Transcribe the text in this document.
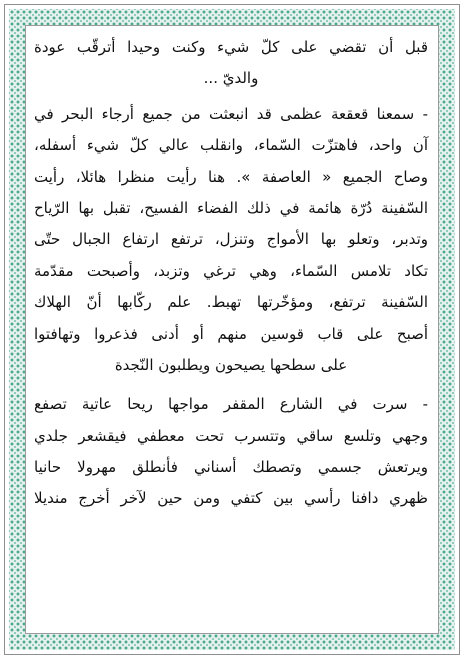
قبل أن تقضي على كلّ شيء وكنت وحيدا أترقّب عودة
والديّ ...
- سمعنا قعقعة عظمى قد انبعثت من جميع أرجاء البحر في
آن واحد، فاهتزّت السّماء، وانقلب عالي كلّ شيء أسفله،
وصاح الجميع « العاصفة ». هنا رأيت منظرا هائلا، رأيت
السّفينة دُرّة هائمة في ذلك الفضاء الفسيح، تقبل بها الرّياح
وتدبر، وتعلو بها الأمواج وتنزل، ترتفع ارتفاع الجبال حتّى
تكاد تلامس السّماء، وهي ترغي وتزبد، وأصبحت مقدّمة
السّفينة ترتفع، ومؤخّرتها تهبط. علم ركّابها أنّ الهلاك
أصبح على قاب قوسين منهم أو أدنى فذعروا وتهافتوا
على سطحها يصيحون ويطلبون النّجدة
- سرت في الشارع المقفر مواجها ريحا عاتية تصفع
وجهي وتلسع ساقي وتتسرب تحت معطفي فيقشعر جلدي
ويرتعش جسمي وتصطك أسناني فأنطلق مهرولا حانيا
ظهري دافنا رأسي بين كتفي ومن حين لآخر أخرج منديلا
